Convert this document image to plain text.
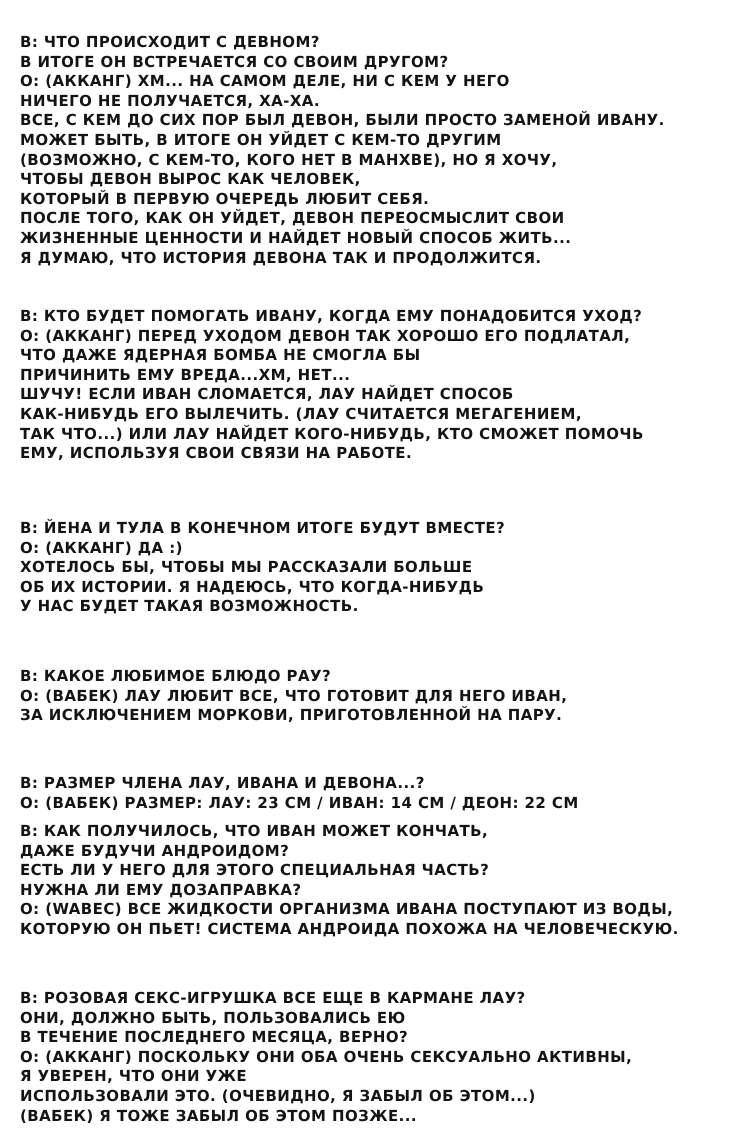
В: ЧТО ПРОИСХОДИТ С ДЕВНОМ?
В ИТОГЕ ОН ВСТРЕЧАЕТСЯ СО СВОИМ ДРУГОМ?
О: (АККАНГ) ХМ... НА САМОМ ДЕЛЕ, НИ С КЕМ У НЕГО
НИЧЕГО НЕ ПОЛУЧАЕТСЯ, ХА-ХА.
ВСЕ, С КЕМ ДО СИХ ПОР БЫЛ ДЕВОН, БЫЛИ ПРОСТО ЗАМЕНОЙ ИВАНУ.
МОЖЕТ БЫТЬ, В ИТОГЕ ОН УЙДЕТ С КЕМ-ТО ДРУГИМ
(ВОЗМОЖНО, С КЕМ-ТО, КОГО НЕТ В МАНХВЕ), НО Я ХОЧУ,
ЧТОБЫ ДЕВОН ВЫРОС КАК ЧЕЛОВЕК,
КОТОРЫЙ В ПЕРВУЮ ОЧЕРЕДЬ ЛЮБИТ СЕБЯ.
ПОСЛЕ ТОГО, КАК ОН УЙДЕТ, ДЕВОН ПЕРЕОСМЫСЛИТ СВОИ
ЖИЗНЕННЫЕ ЦЕННОСТИ И НАЙДЕТ НОВЫЙ СПОСОБ ЖИТЬ...
Я ДУМАЮ, ЧТО ИСТОРИЯ ДЕВОНА ТАК И ПРОДОЛЖИТСЯ.
В: КТО БУДЕТ ПОМОГАТЬ ИВАНУ, КОГДА ЕМУ ПОНАДОБИТСЯ УХОД?
О: (АККАНГ) ПЕРЕД УХОДОМ ДЕВОН ТАК ХОРОШО ЕГО ПОДЛАТАЛ,
ЧТО ДАЖЕ ЯДЕРНАЯ БОМБА НЕ СМОГЛА БЫ
ПРИЧИНИТЬ ЕМУ ВРЕДА...ХМ, НЕТ...
ШУЧУ! ЕСЛИ ИВАН СЛОМАЕТСЯ, ЛАУ НАЙДЕТ СПОСОБ
КАК-НИБУДЬ ЕГО ВЫЛЕЧИТЬ. (ЛАУ СЧИТАЕТСЯ МЕГАГЕНИЕМ,
ТАК ЧТО...) ИЛИ ЛАУ НАЙДЕТ КОГО-НИБУДЬ, КТО СМОЖЕТ ПОМОЧЬ
ЕМУ, ИСПОЛЬЗУЯ СВОИ СВЯЗИ НА РАБОТЕ.
В: ЙЕНА И ТУЛА В КОНЕЧНОМ ИТОГЕ БУДУТ ВМЕСТЕ?
О: (АККАНГ) ДА :)
ХОТЕЛОСЬ БЫ, ЧТОБЫ МЫ РАССКАЗАЛИ БОЛЬШЕ
ОБ ИХ ИСТОРИИ. Я НАДЕЮСЬ, ЧТО КОГДА-НИБУДЬ
У НАС БУДЕТ ТАКАЯ ВОЗМОЖНОСТЬ.
В: КАКОЕ ЛЮБИМОЕ БЛЮДО РАУ?
О: (ВАБЕК) ЛАУ ЛЮБИТ ВСЕ, ЧТО ГОТОВИТ ДЛЯ НЕГО ИВАН,
ЗА ИСКЛЮЧЕНИЕМ МОРКОВИ, ПРИГОТОВЛЕННОЙ НА ПАРУ.
В: РАЗМЕР ЧЛЕНА ЛАУ, ИВАНА И ДЕВОНА...?
О: (ВАБЕК) РАЗМЕР: ЛАУ: 23 СМ / ИВАН: 14 СМ / ДЕОН: 22 СМ
В: КАК ПОЛУЧИЛОСЬ, ЧТО ИВАН МОЖЕТ КОНЧАТЬ,
ДАЖЕ БУДУЧИ АНДРОИДОМ?
ЕСТЬ ЛИ У НЕГО ДЛЯ ЭТОГО СПЕЦИАЛЬНАЯ ЧАСТЬ?
НУЖНА ЛИ ЕМУ ДОЗАПРАВКА?
О: (WABEC) ВСЕ ЖИДКОСТИ ОРГАНИЗМА ИВАНА ПОСТУПАЮТ ИЗ ВОДЫ,
КОТОРУЮ ОН ПЬЕТ! СИСТЕМА АНДРОИДА ПОХОЖА НА ЧЕЛОВЕЧЕСКУЮ.
В: РОЗОВАЯ СЕКС-ИГРУШКА ВСЕ ЕЩЕ В КАРМАНЕ ЛАУ?
ОНИ, ДОЛЖНО БЫТЬ, ПОЛЬЗОВАЛИСЬ ЕЮ
В ТЕЧЕНИЕ ПОСЛЕДНЕГО МЕСЯЦА, ВЕРНО?
О: (АККАНГ) ПОСКОЛЬКУ ОНИ ОБА ОЧЕНЬ СЕКСУАЛЬНО АКТИВНЫ,
Я УВЕРЕН, ЧТО ОНИ УЖЕ
ИСПОЛЬЗОВАЛИ ЭТО. (ОЧЕВИДНО, Я ЗАБЫЛ ОБ ЭТОМ...)
(ВАБЕК) Я ТОЖЕ ЗАБЫЛ ОБ ЭТОМ ПОЗЖЕ...
